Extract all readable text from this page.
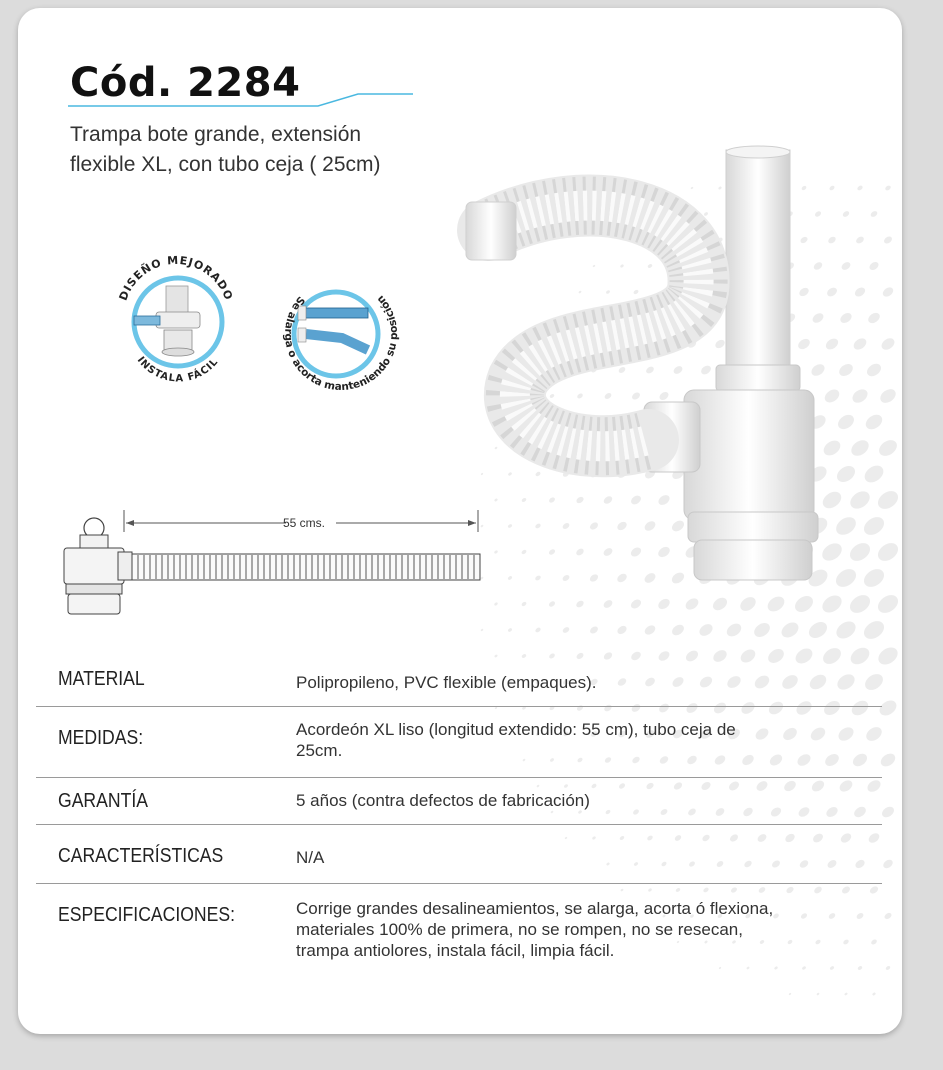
Cód. 2284
Trampa bote grande, extensión
flexible XL, con tubo ceja ( 25cm)
DISEÑO MEJORADO
INSTALA FÁCIL
Se alarga o acorta manteniendo su posición
55 cms.
MATERIAL	Polipropileno, PVC flexible (empaques).
MEDIDAS:	Acordeón XL liso (longitud extendido: 55 cm), tubo ceja de
25cm.
GARANTÍA	5 años (contra defectos de fabricación)
CARACTERÍSTICAS	N/A
ESPECIFICACIONES:	Corrige grandes desalineamientos, se alarga, acorta ó flexiona,
materiales 100% de primera, no se rompen, no se resecan,
trampa antiolores, instala fácil, limpia fácil.
